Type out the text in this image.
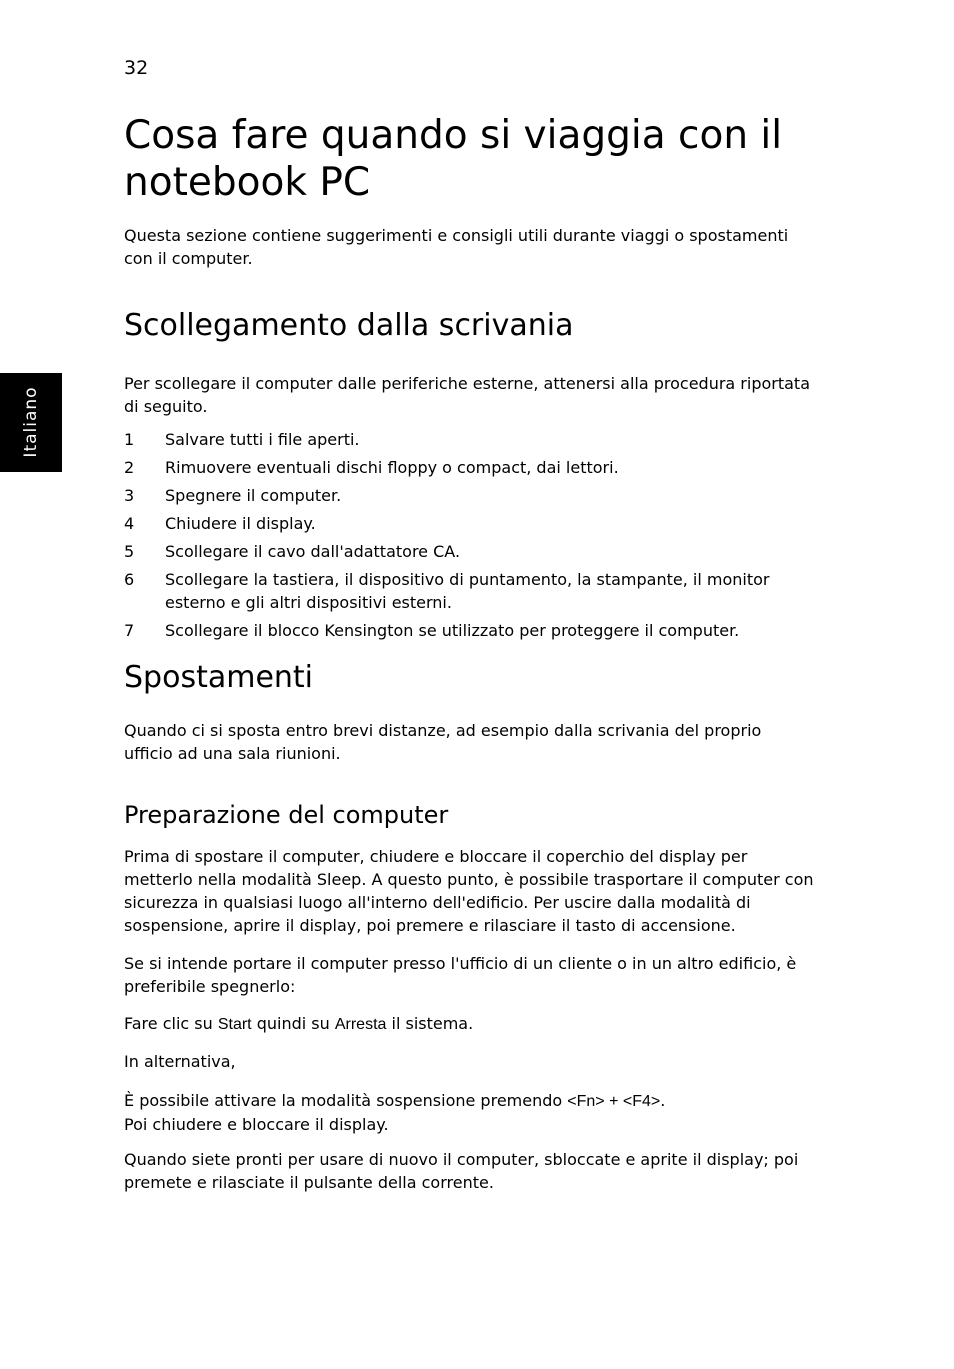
32
Italiano
Cosa fare quando si viaggia con il notebook PC

Questa sezione contiene suggerimenti e consigli utili durante viaggi o spostamenti con il computer.

Scollegamento dalla scrivania

Per scollegare il computer dalle periferiche esterne, attenersi alla procedura riportata di seguito.

1	Salvare tutti i file aperti.
2	Rimuovere eventuali dischi floppy o compact, dai lettori.
3	Spegnere il computer.
4	Chiudere il display.
5	Scollegare il cavo dall'adattatore CA.
6	Scollegare la tastiera, il dispositivo di puntamento, la stampante, il monitor esterno e gli altri dispositivi esterni.
7	Scollegare il blocco Kensington se utilizzato per proteggere il computer.
Spostamenti

Quando ci si sposta entro brevi distanze, ad esempio dalla scrivania del proprio ufficio ad una sala riunioni.

Preparazione del computer

Prima di spostare il computer, chiudere e bloccare il coperchio del display per metterlo nella modalità Sleep. A questo punto, è possibile trasportare il computer con sicurezza in qualsiasi luogo all'interno dell'edificio. Per uscire dalla modalità di sospensione, aprire il display, poi premere e rilasciare il tasto di accensione.

Se si intende portare il computer presso l'ufficio di un cliente o in un altro edificio, è preferibile spegnerlo:

Fare clic su Start quindi su Arresta il sistema.

In alternativa,

È possibile attivare la modalità sospensione premendo <Fn> + <F4>.
Poi chiudere e bloccare il display.

Quando siete pronti per usare di nuovo il computer, sbloccate e aprite il display; poi premete e rilasciate il pulsante della corrente.
